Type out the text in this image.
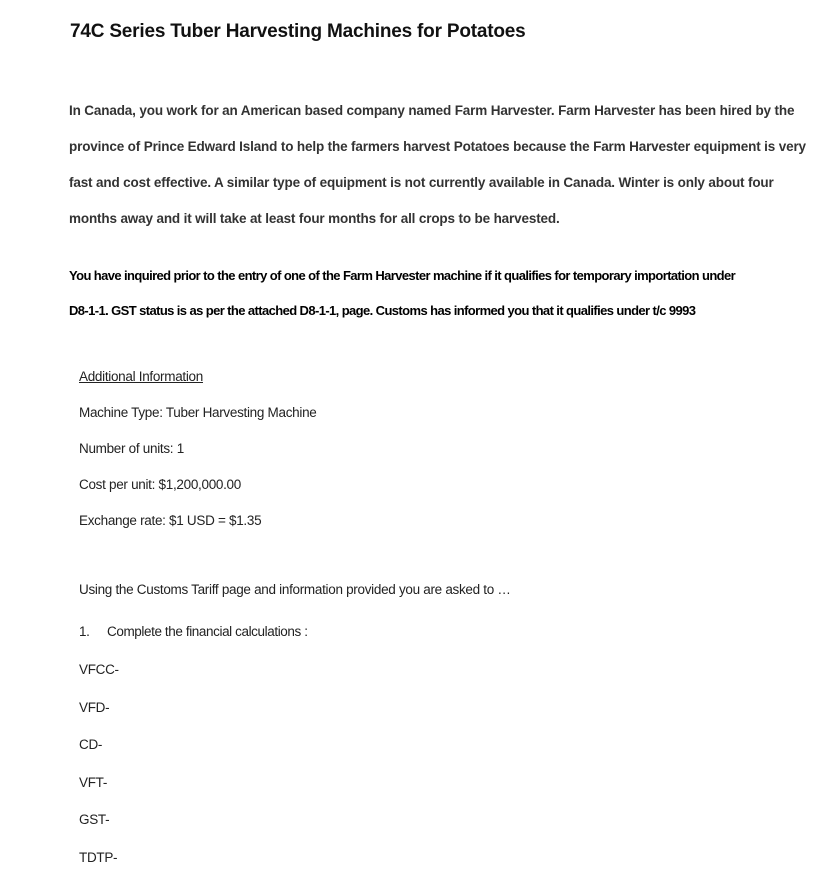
74C Series Tuber Harvesting Machines for Potatoes

In Canada, you work for an American based company named Farm Harvester. Farm Harvester has been hired by the
province of Prince Edward Island to help the farmers harvest Potatoes because the Farm Harvester equipment is very
fast and cost effective. A similar type of equipment is not currently available in Canada. Winter is only about four
months away and it will take at least four months for all crops to be harvested.

You have inquired prior to the entry of one of the Farm Harvester machine if it qualifies for temporary importation under
D8-1-1. GST status is as per the attached D8-1-1, page. Customs has informed you that it qualifies under t/c 9993

Additional Information
Machine Type: Tuber Harvesting Machine
Number of units: 1
Cost per unit: $1,200,000.00
Exchange rate: $1 USD = $1.35
Using the Customs Tariff page and information provided you are asked to …
1. Complete the financial calculations :
VFCC-
VFD-
CD-
VFT-
GST-
TDTP-
